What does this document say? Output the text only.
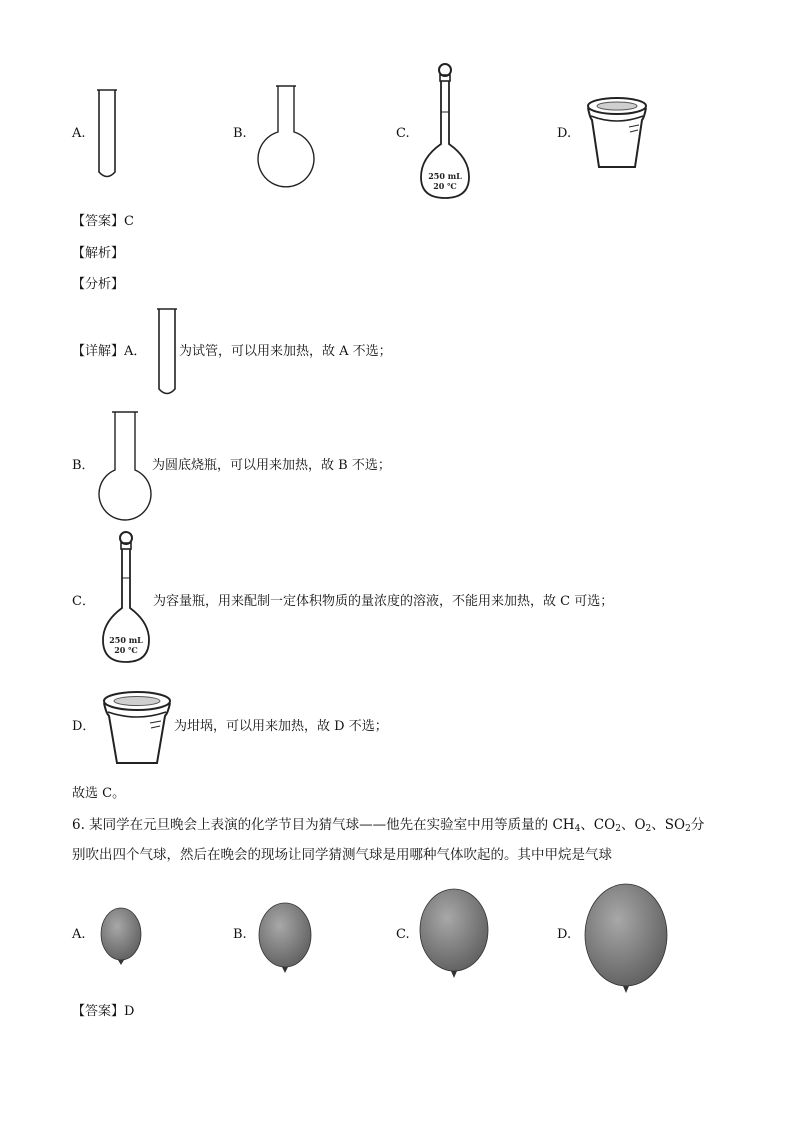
A.	B.	C.
250 mL
20 ℃
D.
【答案】C
【解析】
【分析】
【详解】A．	为试管，可以用来加热，故 A 不选；
B．	为圆底烧瓶，可以用来加热，故 B 不选；
C．
250 mL
20 ℃
为容量瓶，用来配制一定体积物质的量浓度的溶液，不能用来加热，故 C 可选；
D．	为坩埚，可以用来加热，故 D 不选；
故选 C。
6. 某同学在元旦晚会上表演的化学节目为猜气球——他先在实验室中用等质量的 $CH_4$、$CO_2$、$O_2$、$SO_2$分
别吹出四个气球，然后在晚会的现场让同学猜测气球是用哪种气体吹起的。其中甲烷是气球
A.	B.	C.	D.
【答案】D
